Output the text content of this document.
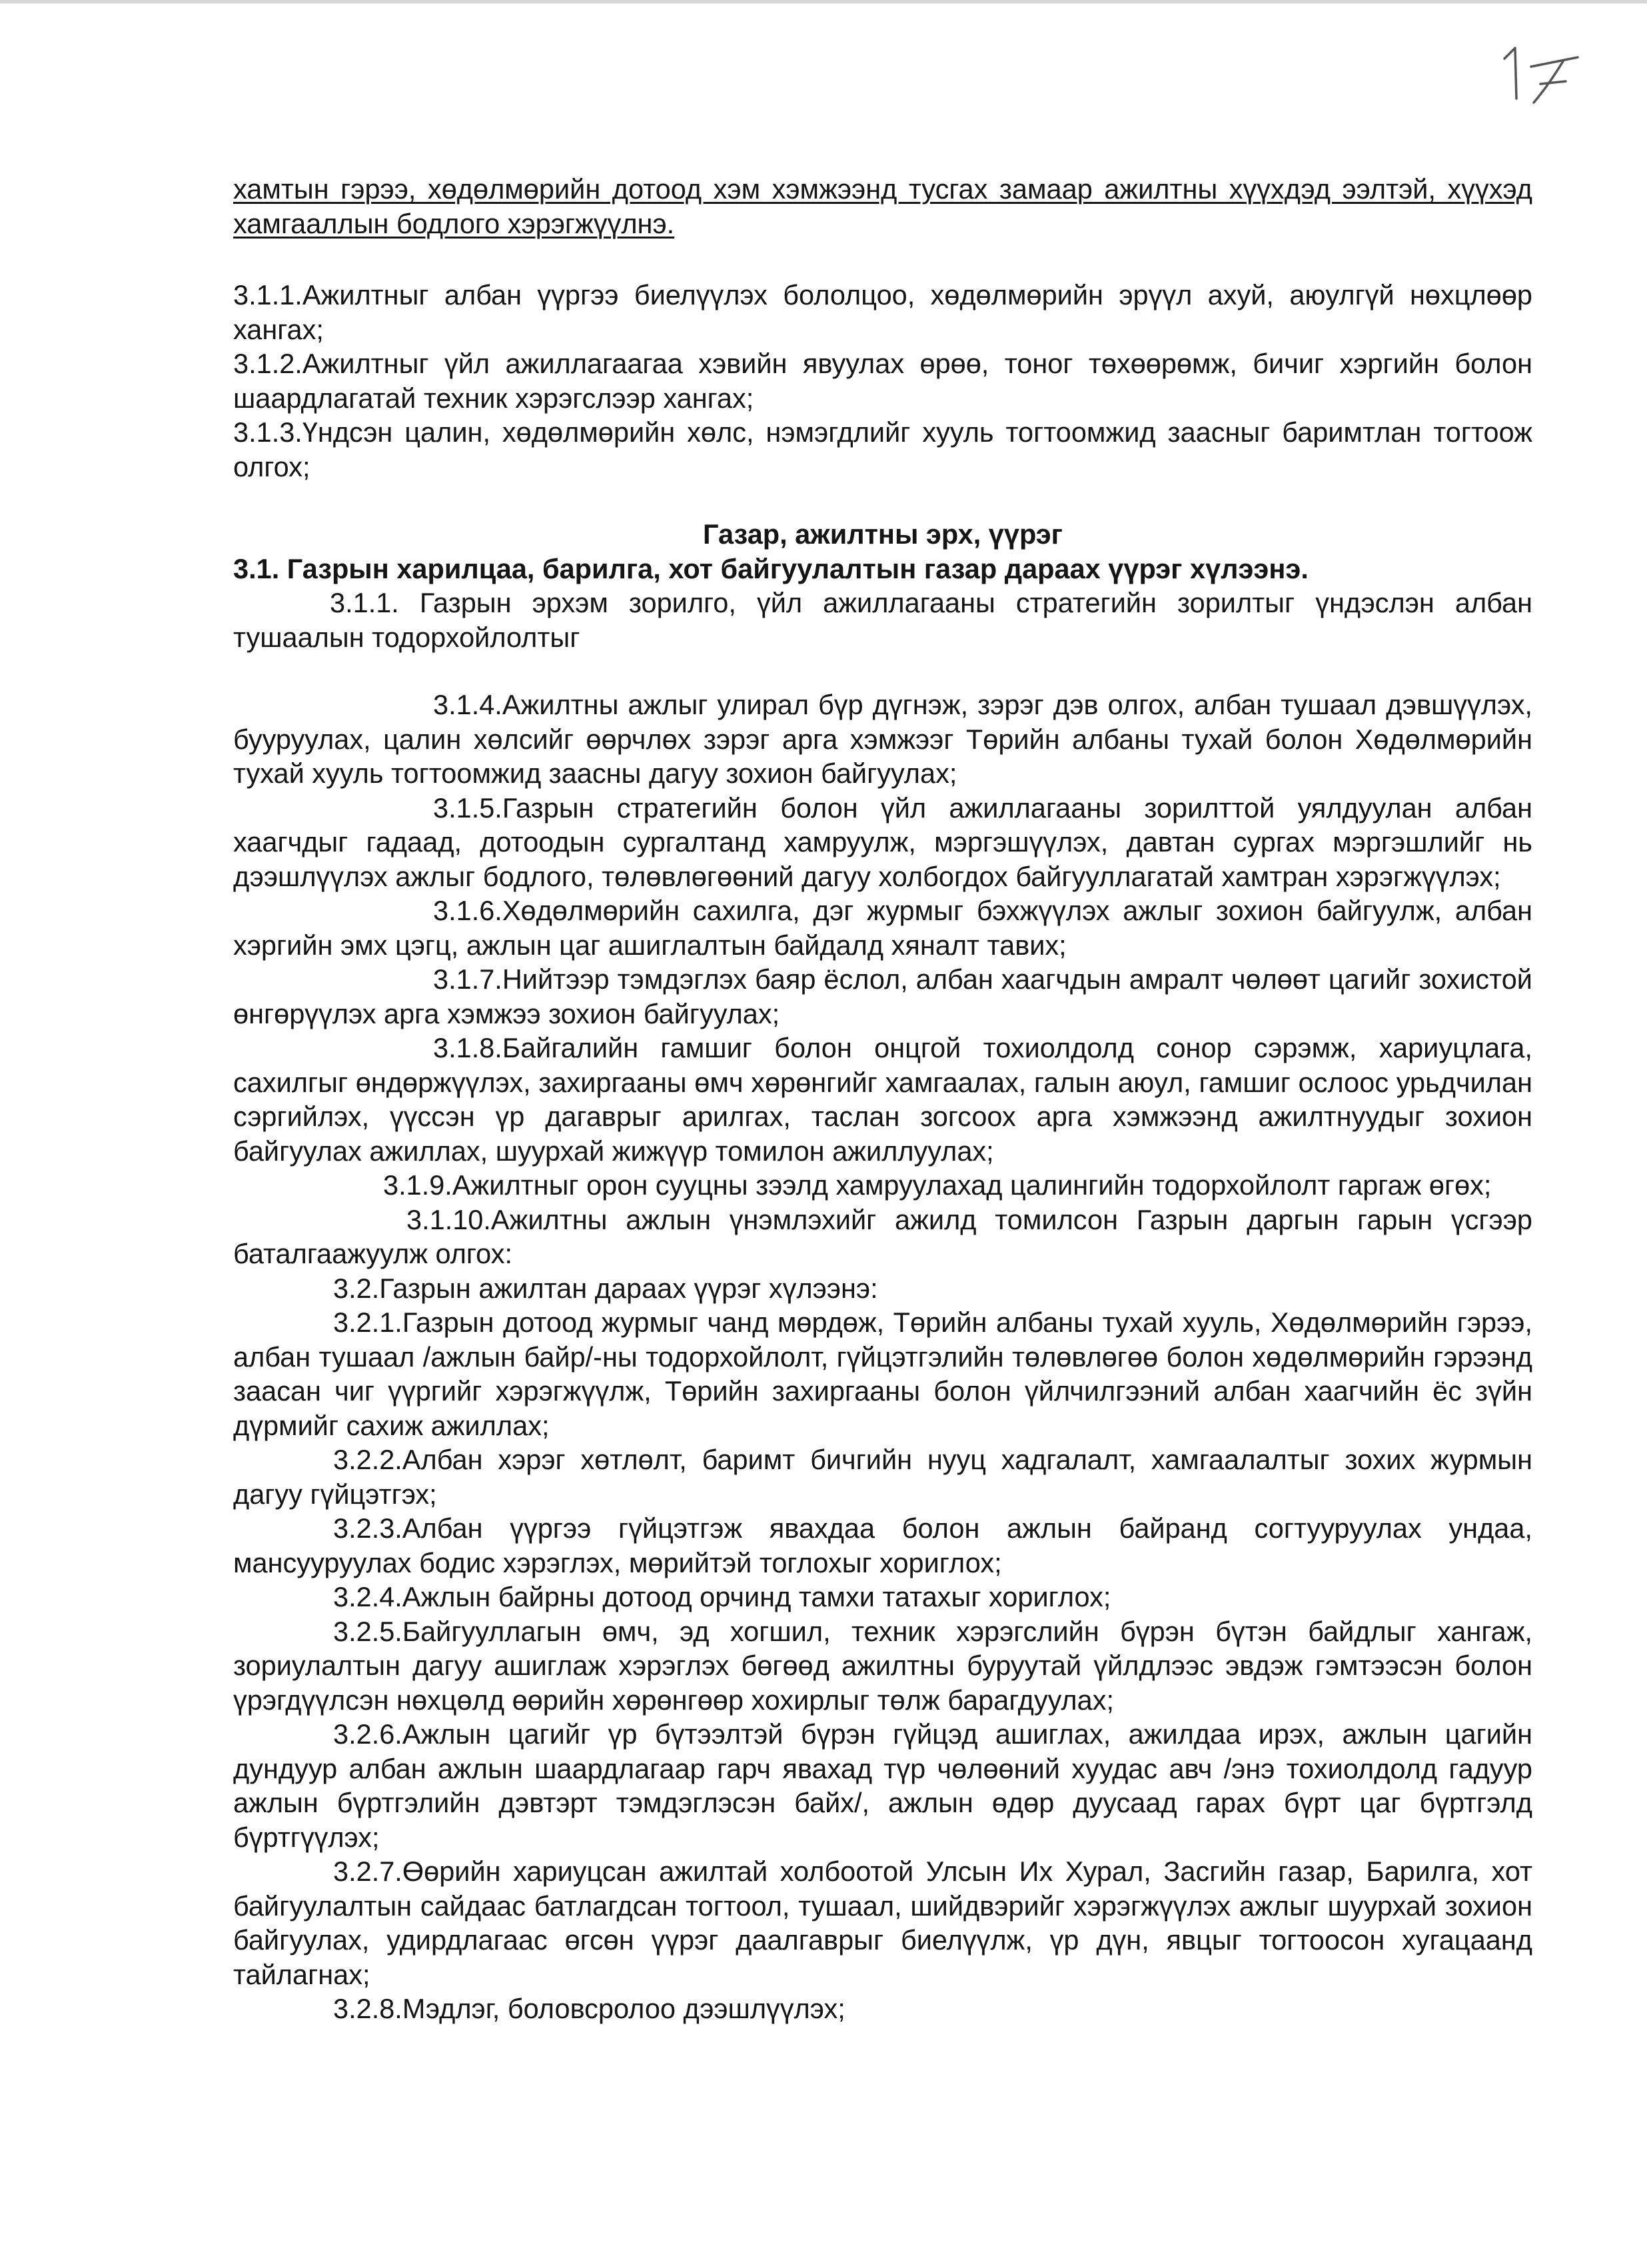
хамтын гэрээ, хөдөлмөрийн дотоод хэм хэмжээнд тусгах замаар ажилтны хүүхдэд ээлтэй, хүүхэд хамгааллын бодлого хэрэгжүүлнэ.

3.1.1.Ажилтныг албан үүргээ биелүүлэх бололцоо, хөдөлмөрийн эрүүл ахуй, аюулгүй нөхцлөөр хангах;

3.1.2.Ажилтныг үйл ажиллагаагаа хэвийн явуулах өрөө, тоног төхөөрөмж, бичиг хэргийн болон шаардлагатай техник хэрэгслээр хангах;

3.1.3.Үндсэн цалин, хөдөлмөрийн хөлс, нэмэгдлийг хууль тогтоомжид заасныг баримтлан тогтоож олгох;

Газар, ажилтны эрх, үүрэг

3.1. Газрын харилцаа, барилга, хот байгуулалтын газар дараах үүрэг хүлээнэ.

3.1.1. Газрын эрхэм зорилго, үйл ажиллагааны стратегийн зорилтыг үндэслэн албан тушаалын тодорхойлолтыг

3.1.4.Ажилтны ажлыг улирал бүр дүгнэж, зэрэг дэв олгох, албан тушаал дэвшүүлэх, бууруулах, цалин хөлсийг өөрчлөх зэрэг арга хэмжээг Төрийн албаны тухай болон Хөдөлмөрийн тухай хууль тогтоомжид заасны дагуу зохион байгуулах;

3.1.5.Газрын стратегийн болон үйл ажиллагааны зорилттой уялдуулан албан хаагчдыг гадаад, дотоодын сургалтанд хамруулж, мэргэшүүлэх, давтан сургах мэргэшлийг нь дээшлүүлэх ажлыг бодлого, төлөвлөгөөний дагуу холбогдох байгууллагатай хамтран хэрэгжүүлэх;

3.1.6.Хөдөлмөрийн сахилга, дэг журмыг бэхжүүлэх ажлыг зохион байгуулж, албан хэргийн эмх цэгц, ажлын цаг ашиглалтын байдалд хяналт тавих;

3.1.7.Нийтээр тэмдэглэх баяр ёслол, албан хаагчдын амралт чөлөөт цагийг зохистой өнгөрүүлэх арга хэмжээ зохион байгуулах;

3.1.8.Байгалийн гамшиг болон онцгой тохиолдолд сонор сэрэмж, хариуцлага, сахилгыг өндөржүүлэх, захиргааны өмч хөрөнгийг хамгаалах, галын аюул, гамшиг ослоос урьдчилан сэргийлэх, үүссэн үр дагаврыг арилгах, таслан зогсоох арга хэмжээнд ажилтнуудыг зохион байгуулах ажиллах, шуурхай жижүүр томилон ажиллуулах;

3.1.9.Ажилтныг орон сууцны зээлд хамруулахад цалингийн тодорхойлолт гаргаж өгөх;

3.1.10.Ажилтны ажлын үнэмлэхийг ажилд томилсон Газрын даргын гарын үсгээр баталгаажуулж олгох:

3.2.Газрын ажилтан дараах үүрэг хүлээнэ:

3.2.1.Газрын дотоод журмыг чанд мөрдөж, Төрийн албаны тухай хууль, Хөдөлмөрийн гэрээ, албан тушаал /ажлын байр/-ны тодорхойлолт, гүйцэтгэлийн төлөвлөгөө болон хөдөлмөрийн гэрээнд заасан чиг үүргийг хэрэгжүүлж, Төрийн захиргааны болон үйлчилгээний албан хаагчийн ёс зүйн дүрмийг сахиж ажиллах;

3.2.2.Албан хэрэг хөтлөлт, баримт бичгийн нууц хадгалалт, хамгаалалтыг зохих журмын дагуу гүйцэтгэх;

3.2.3.Албан үүргээ гүйцэтгэж явахдаа болон ажлын байранд согтууруулах ундаа, мансууруулах бодис хэрэглэх, мөрийтэй тоглохыг хориглох;

3.2.4.Ажлын байрны дотоод орчинд тамхи татахыг хориглох;

3.2.5.Байгууллагын өмч, эд хогшил, техник хэрэгслийн бүрэн бүтэн байдлыг хангаж, зориулалтын дагуу ашиглаж хэрэглэх бөгөөд ажилтны буруутай үйлдлээс эвдэж гэмтээсэн болон үрэгдүүлсэн нөхцөлд өөрийн хөрөнгөөр хохирлыг төлж барагдуулах;

3.2.6.Ажлын цагийг үр бүтээлтэй бүрэн гүйцэд ашиглах, ажилдаа ирэх, ажлын цагийн дундуур албан ажлын шаардлагаар гарч явахад түр чөлөөний хуудас авч /энэ тохиолдолд гадуур ажлын бүртгэлийн дэвтэрт тэмдэглэсэн байх/, ажлын өдөр дуусаад гарах бүрт цаг бүртгэлд бүртгүүлэх;

3.2.7.Өөрийн хариуцсан ажилтай холбоотой Улсын Их Хурал, Засгийн газар, Барилга, хот байгуулалтын сайдаас батлагдсан тогтоол, тушаал, шийдвэрийг хэрэгжүүлэх ажлыг шуурхай зохион байгуулах, удирдлагаас өгсөн үүрэг даалгаврыг биелүүлж, үр дүн, явцыг тогтоосон хугацаанд тайлагнах;

3.2.8.Мэдлэг, боловсролоо дээшлүүлэх;
